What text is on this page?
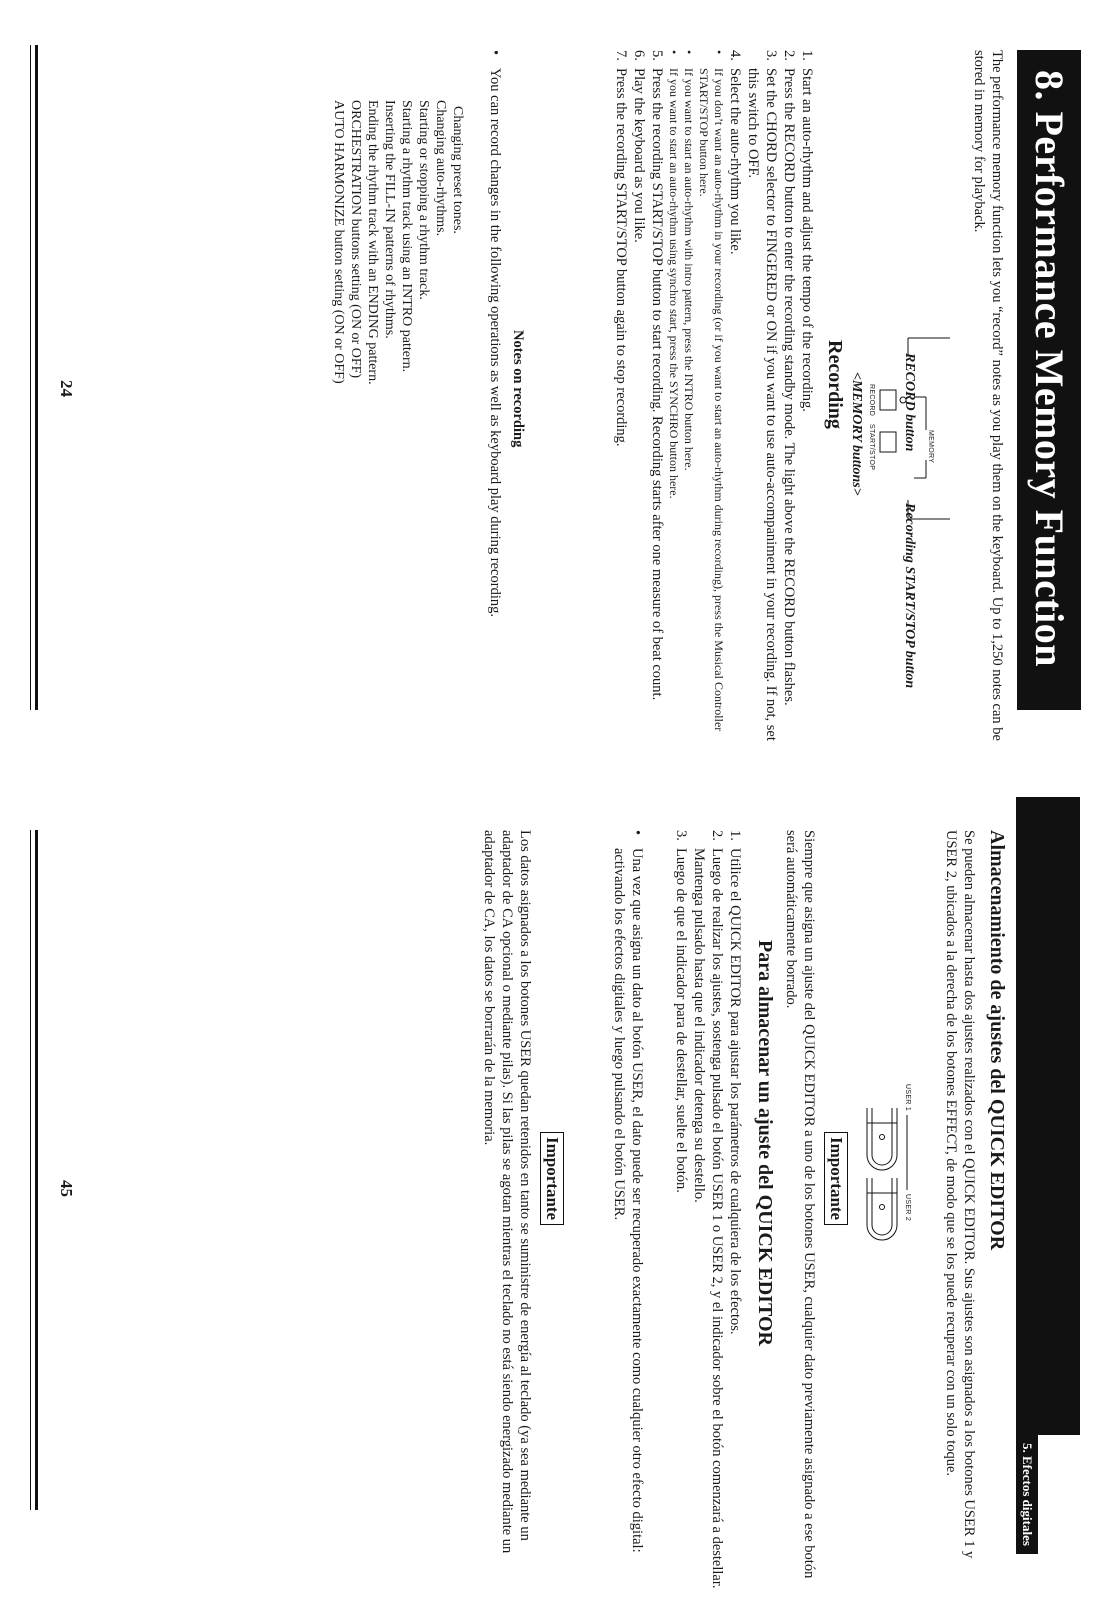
8. Performance Memory Function

The performance memory function lets you “record” notes as you play them on the keyboard. Up to 1,250 notes can be stored in memory for playback.

MEMORY
RECORD
START/STOP RECORD button
Recording START/STOP button
<MEMORY buttons>
Recording
1.
Start an auto-rhythm and adjust the tempo of the recording.
2.
Press the RECORD button to enter the recording standby mode. The light above the RECORD button flashes.
3.
Set the CHORD selector to FINGERED or ON if you want to use auto-accompaniment in your recording. If not, set this switch to OFF.
4.
Select the auto-rhythm you like.
•
If you don’t want an auto-rhythm in your recording (or if you want to start an auto-rhythm during recording), press the Musical Controller START/STOP button here.
•
If you want to start an auto-rhythm with intro pattern, press the INTRO button here.
•
If you want to start an auto-rhythm using synchro start, press the SYNCHRO button here.
5.
Press the recording START/STOP button to start recording. Recording starts after one measure of beat count.
6.
Play the keyboard as you like.
7.
Press the recording START/STOP button again to stop recording.
Notes on recording
•
You can record changes in the following operations as well as keyboard play during recording.
Changing preset tones.
Changing auto-rhythms.
Starting or stopping a rhythm track.
Starting a rhythm track using an INTRO pattern.
Inserting the FILL-IN patterns of rhythms.
Ending the rhythm track with an ENDING pattern.
ORCHESTRATION buttons setting (ON or OFF)
AUTO HARMONIZE button setting (ON or OFF)
24
5. Efectos digitales
Almacenamiento de ajustes del QUICK EDITOR

Se pueden almacenar hasta dos ajustes realizados con el QUICK EDITOR. Sus ajustes son asignados a los botones USER 1 y USER 2, ubicados a la derecha de los botones EFFECT, de modo que se los puede recuperar con un solo toque.

USER 1
USER 2
Importante

Siempre que asigna un ajuste del QUICK EDITOR a uno de los botones USER, cualquier dato previamente asignado a ese botón será automáticamente borrado.

Para almacenar un ajuste del QUICK EDITOR
1.
Utilice el QUICK EDITOR para ajustar los parámetros de cualquiera de los efectos.
2.
Luego de realizar los ajustes, sostenga pulsado el botón USER 1 o USER 2, y el indicador sobre el botón comenzará a destellar. Mantenga pulsado hasta que el indicador detenga su destello.
3.
Luego de que el indicador para de destellar, suelte el botón.
•
Una vez que asigna un dato al botón USER, el dato puede ser recuperado exactamente como cualquier otro efecto digital: activando los efectos digitales y luego pulsando el botón USER.
Importante

Los datos asignados a los botones USER quedan retenidos en tanto se suministre de energía al teclado (ya sea mediante un adaptador de CA opcional o mediante pilas). Si las pilas se agotan mientras el teclado no está siendo energizado mediante un adaptador de CA, los datos se borrarán de la memoria.

45
